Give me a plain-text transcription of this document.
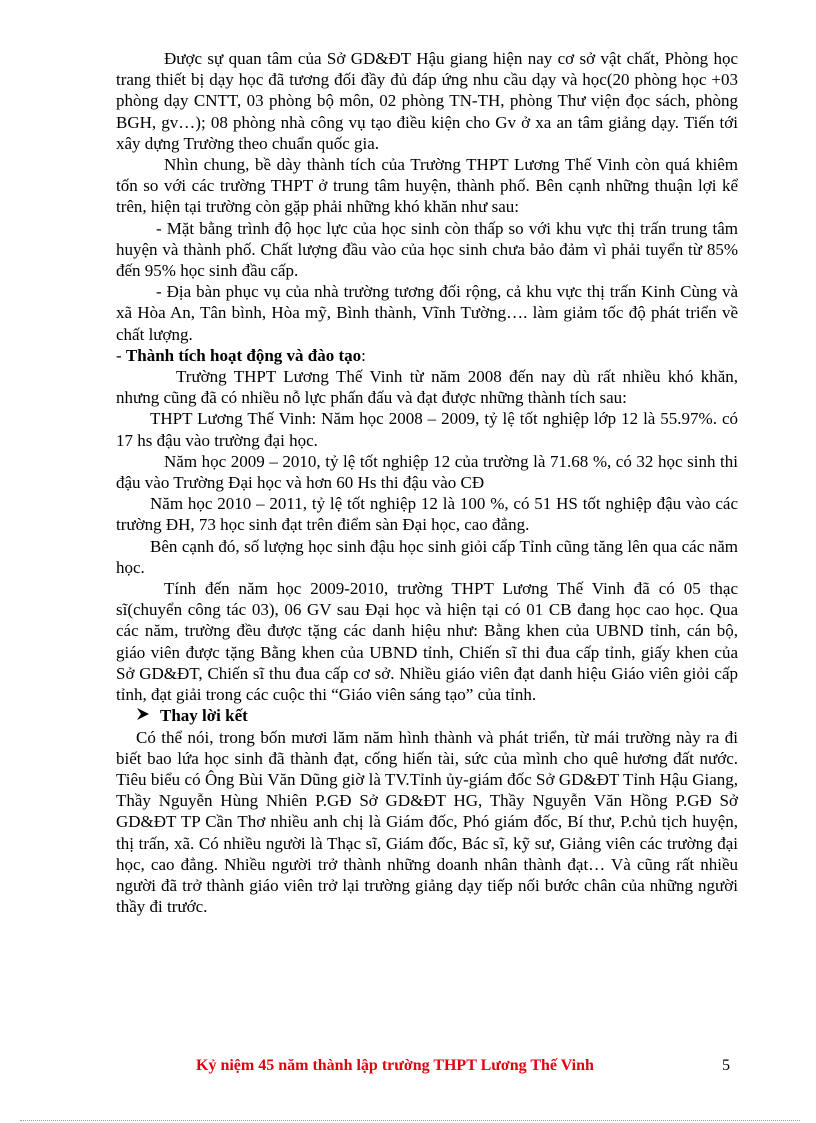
Được sự quan tâm của Sở GD&ĐT Hậu giang hiện nay cơ sở vật chất, Phòng học trang thiết bị dạy học đã tương đối đầy đủ đáp ứng nhu cầu dạy và học(20 phòng học +03 phòng dạy CNTT, 03 phòng bộ môn, 02 phòng TN-TH, phòng Thư viện đọc sách, phòng BGH, gv…); 08 phòng nhà công vụ tạo điều kiện cho Gv ở xa an tâm giảng dạy. Tiến tới xây dựng Trường theo chuẩn quốc gia.

Nhìn chung, bề dày thành tích của Trường THPT Lương Thế Vinh còn quá khiêm tốn so với các trường THPT ở trung tâm huyện, thành phố. Bên cạnh những thuận lợi kể trên, hiện tại trường còn gặp phải những khó khăn như sau:

- Mặt bằng trình độ học lực của học sinh còn thấp so với khu vực thị trấn trung tâm huyện và thành phố. Chất lượng đầu vào của học sinh chưa bảo đảm vì phải tuyển từ 85% đến 95% học sinh đầu cấp.

- Địa bàn phục vụ của nhà trường tương đối rộng, cả khu vực thị trấn Kinh Cùng và xã Hòa An, Tân bình, Hòa mỹ, Bình thành, Vĩnh Tường…. làm giảm tốc độ phát triển về chất lượng.

- Thành tích hoạt động và đào tạo:

Trường THPT Lương Thế Vinh từ năm 2008 đến nay dù rất nhiều khó khăn, nhưng cũng đã có nhiều nỗ lực phấn đấu và đạt được những thành tích sau:

THPT Lương Thế Vinh: Năm học 2008 – 2009, tỷ lệ tốt nghiệp lớp 12 là 55.97%. có 17 hs đậu vào trường đại học.

Năm học 2009 – 2010, tỷ lệ tốt nghiệp 12 của trường là 71.68 %, có 32 học sinh thi đậu vào Trường Đại học và hơn 60 Hs thi đậu vào CĐ

Năm học 2010 – 2011, tỷ lệ tốt nghiệp 12 là 100 %, có 51 HS tốt nghiệp đậu vào các trường ĐH, 73 học sinh đạt trên điểm sàn Đại học, cao đẳng.

Bên cạnh đó, số lượng học sinh đậu học sinh giỏi cấp Tỉnh cũng tăng lên qua các năm học.

Tính đến năm học 2009-2010, trường THPT Lương Thế Vinh đã có 05 thạc sĩ(chuyển công tác 03), 06 GV sau Đại học và hiện tại có 01 CB đang học cao học. Qua các năm, trường đều được tặng các danh hiệu như: Bằng khen của UBND tỉnh, cán bộ, giáo viên được tặng Bằng khen của UBND tỉnh, Chiến sĩ thi đua cấp tỉnh, giấy khen của Sở GD&ĐT, Chiến sĩ thu đua cấp cơ sở. Nhiều giáo viên đạt danh hiệu Giáo viên giỏi cấp tỉnh, đạt giải trong các cuộc thi “Giáo viên sáng tạo” của tỉnh.

Thay lời kết

Có thể nói, trong bốn mươi lăm năm hình thành và phát triển, từ mái trường này ra đi biết bao lứa học sinh đã thành đạt, cống hiến tài, sức của mình cho quê hương đất nước. Tiêu biểu có Ông Bùi Văn Dũng giờ là TV.Tỉnh ủy-giám đốc Sở GD&ĐT Tỉnh Hậu Giang, Thầy Nguyễn Hùng Nhiên P.GĐ Sở GD&ĐT HG, Thầy Nguyễn Văn Hồng P.GĐ Sở GD&ĐT TP Cần Thơ nhiều anh chị là Giám đốc, Phó giám đốc, Bí thư, P.chủ tịch huyện, thị trấn, xã. Có nhiều người là Thạc sĩ, Giám đốc, Bác sĩ, kỹ sư, Giảng viên các trường đại học, cao đẳng. Nhiều người trở thành những doanh nhân thành đạt… Và cũng rất nhiều người đã trở thành giáo viên trở lại trường giảng dạy tiếp nối bước chân của những người thầy đi trước.

Kỷ niệm 45 năm thành lập trường THPT Lương Thế Vinh	5
